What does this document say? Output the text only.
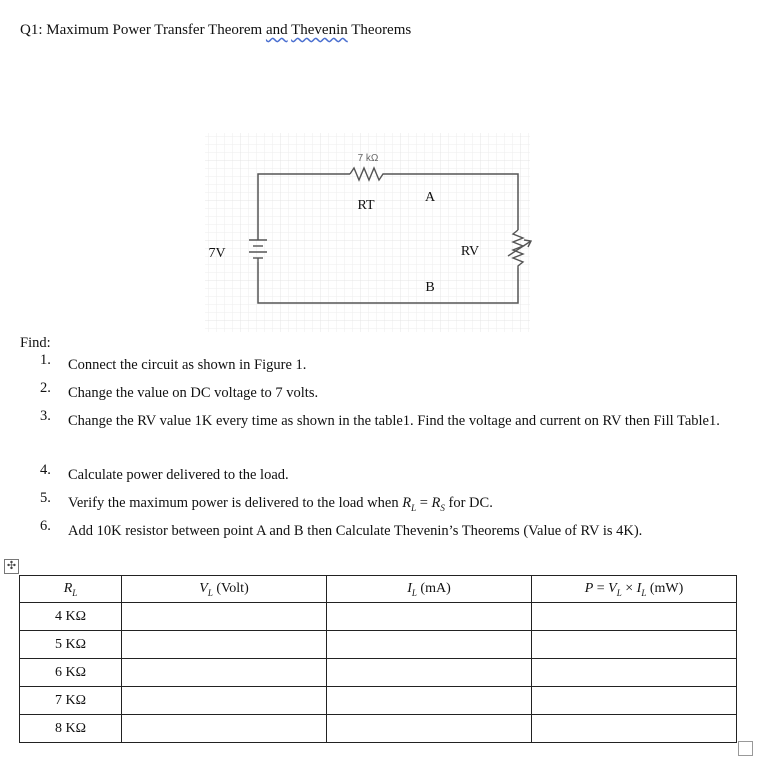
Q1: Maximum Power Transfer Theorem and Thevenin Theorems
7 kΩ
RT
A
B
7V	RV
Find:
1.	Connect the circuit as shown in Figure 1.
2.	Change the value on DC voltage to 7 volts.
3.	Change the RV value 1K every time as shown in the table1. Find the voltage and current on RV then Fill Table1.
4.	Calculate power delivered to the load.
5.	Verify the maximum power is delivered to the load when $R_L = R_S$ for DC.
6.	Add 10K resistor between point A and B then Calculate Thevenin’s Theorems (Value of RV is 4K).
✣
$R_L$	$V_L$ (Volt)	$I_L$ (mA)	$P = V_L \times I_L$ (mW)
4 KΩ			
5 KΩ			
6 KΩ			
7 KΩ			
8 KΩ			
